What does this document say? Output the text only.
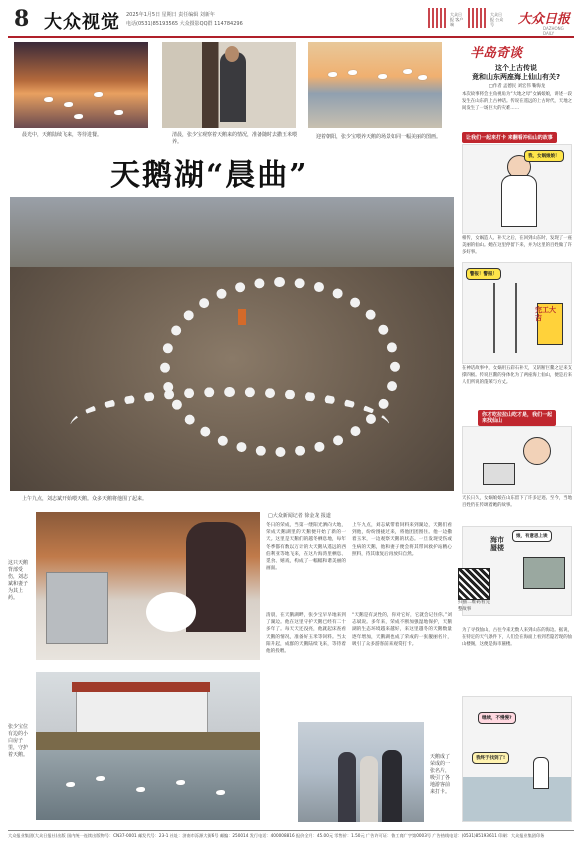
8 大众视觉 2025年1月5日 星期日 责任编辑 刘新年
电话(0531)85193565 大众摄影QQ群 114784296
大众日报 客户端
大众日报 公众号	大众日报
DAZHONG DAILY
晨光中，天鹅陆续飞来，等待进餐。	清晨，张少宝观察着天鹅来的情况，准备随时去撒玉米喂养。
迎着朝阳，张少宝喂养天鹅的场景如同一幅美丽的图画。
天鹅湖“晨曲”
上午九点，刘志斌开始喂天鹅。众多天鹅将他围了起来。
这只天鹅背部受伤，刘志斌和妻子为其上药。
张少宝位有边的小白房子里，守护着天鹅。
□大众新闻记者 徐金龙 报道
冬日的荣成，当第一缕阳光洒向大地，荣成天鹅湖里的天鹅便开始了新的一天。这里是天鹅们的越冬栖息地，每年冬季都有数以万计的大天鹅从遥远的西伯利亚等地飞来，在这片海湾里栖息、觅食、嬉戏，构成了一幅幅和谐美丽的画面。
清晨，在天鹅湖畔，张少宝早早地来到了湖边。他在这里守护天鹅已经有二十多年了。每天天还没亮，他就起床查看天鹅的情况，准备好玉米等饲料。当太阳升起，成群的天鹅陆续飞来，等待着他的投喂。
上午九点，刘志斌带着饲料来到湖边，天鹅们看到他，纷纷围拢过来，将他团团围住。他一边撒着玉米，一边观察天鹅的状态。一旦发现受伤或生病的天鹅，他和妻子便会将其带回救护站精心照料，待其康复后再放归自然。
“天鹅是有灵性的，你对它好，它就会记住你。”刘志斌说。多年来，荣成不断加强湿地保护，天鹅湖的生态环境越来越好，来这里越冬的天鹅数量逐年增加，天鹅湖也成了荣成的一张靓丽名片，吸引了众多游客前来观赏打卡。
天鹅成了荣成的一张名片，吸引了各地游客前来打卡。
半岛奇谈
这个上古传说
竟和山东两座海上仙山有关?
□作者 孟德民 刘宏伟 鞠海龙
本次故事将会主角视角为“大地之母”女娲娘娘，讲述一段发生在山东的上古神话。传说在遥远的上古时代，天地之间发生了一场巨大的灾难……
让我们一起来打卡 来翻看冲仙山的故事
我，女娲娘娘！
相传，女娲造人、补天之后，在回到山东时，发现了一座美丽的仙山。她在这里停留下来，并为这里的百姓做了许多好事。
警报！警报！
完工大吉
在神话故事中，女娲用五彩石补天，又斩断巨鳌之足来支撑四极。传说巨鳌的身体化为了两座海上仙山，便是后来人们所说的蓬莱与方丈。
你才吃拉拉山吃才是，我们一起来找仙山
天长日久，女娲娘娘在山东留下了许多足迹。至今，当地百姓仍在传颂着她的故事。
海市蜃楼
娘，有意思上诶
扫描二维码看完整故事
为了寻找仙山，古往今来无数人来到山东的海边。据说，在特定的天气条件下，人们会在海面上看到若隐若现的仙山楼阁，这便是海市蜃楼。
继续，不慢慢?
我终于找到了!
大众报业集团(大众日报社)出版 国内统一连续出版物号：CN37-0001 邮发代号：23-1 社址：济南市泺源大街6号 邮编：250014 发行电话：400008816 报价全月：45.00元 零售价：1.50元 广告许可证：鲁工商广字第0003号 广告热线电话：(0531)85193611 印刷：大众报业集团印务
